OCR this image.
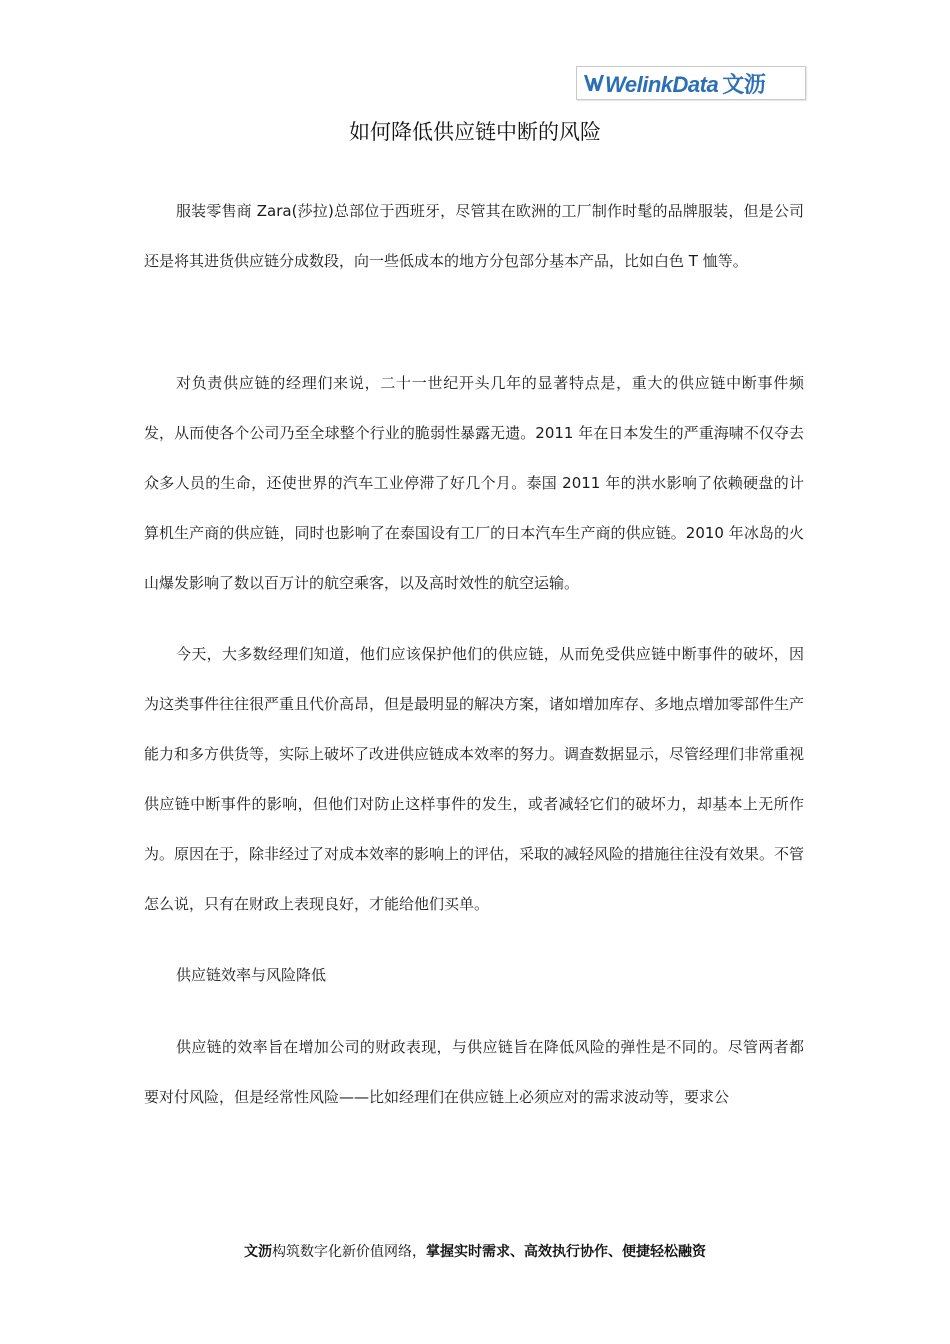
WelinkData 文沥
如何降低供应链中断的风险

服装零售商 Zara(莎拉)总部位于西班牙，尽管其在欧洲的工厂制作时髦的品牌服装，但是公司还是将其进货供应链分成数段，向一些低成本的地方分包部分基本产品，比如白色 T 恤等。

对负责供应链的经理们来说，二十一世纪开头几年的显著特点是，重大的供应链中断事件频发，从而使各个公司乃至全球整个行业的脆弱性暴露无遗。2011 年在日本发生的严重海啸不仅夺去众多人员的生命，还使世界的汽车工业停滞了好几个月。泰国 2011 年的洪水影响了依赖硬盘的计算机生产商的供应链，同时也影响了在泰国设有工厂的日本汽车生产商的供应链。2010 年冰岛的火山爆发影响了数以百万计的航空乘客，以及高时效性的航空运输。

今天，大多数经理们知道，他们应该保护他们的供应链，从而免受供应链中断事件的破坏，因为这类事件往往很严重且代价高昂，但是最明显的解决方案，诸如增加库存、多地点增加零部件生产能力和多方供货等，实际上破坏了改进供应链成本效率的努力。调查数据显示，尽管经理们非常重视供应链中断事件的影响，但他们对防止这样事件的发生，或者减轻它们的破坏力，却基本上无所作为。原因在于，除非经过了对成本效率的影响上的评估，采取的减轻风险的措施往往没有效果。不管怎么说，只有在财政上表现良好，才能给他们买单。

供应链效率与风险降低

供应链的效率旨在增加公司的财政表现，与供应链旨在降低风险的弹性是不同的。尽管两者都要对付风险，但是经常性风险——比如经理们在供应链上必须应对的需求波动等，要求公

文沥构筑数字化新价值网络，掌握实时需求、高效执行协作、便捷轻松融资
